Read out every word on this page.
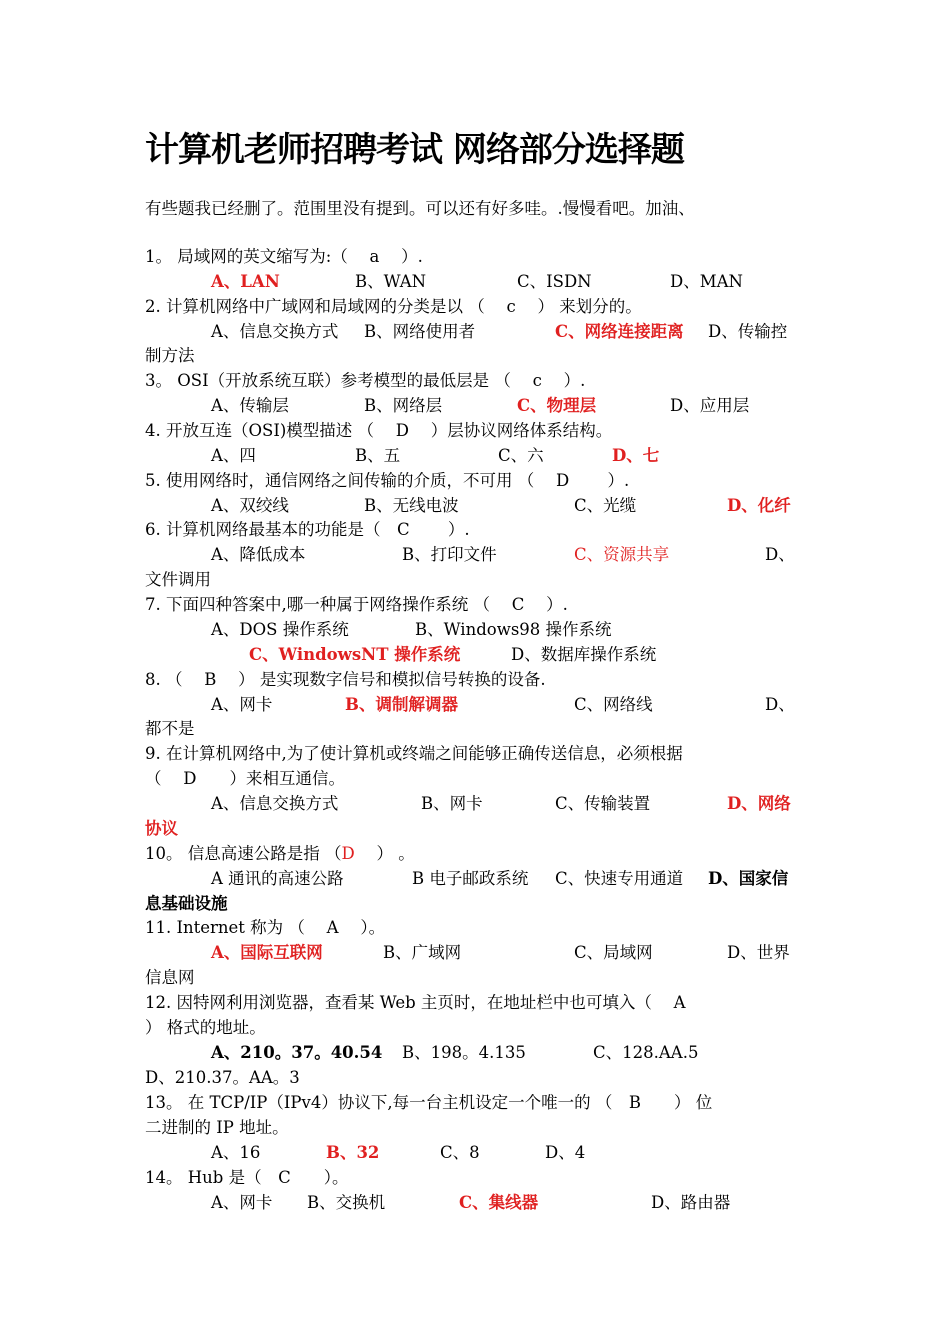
计算机老师招聘考试 网络部分选择题
有些题我已经删了。范围里没有提到。可以还有好多哇。.慢慢看吧。加油、
1。 局域网的英文缩写为:（　 a　 ）.
A、LAN	B、WAN	C、ISDN	D、MAN
2. 计算机网络中广域网和局域网的分类是以 （　 c　 ） 来划分的。
A、信息交换方式 B、网络使用者	C、网络连接距离 D、传输控
制方法
3。 OSI（开放系统互联）参考模型的最低层是 （　 c　 ）.
A、传输层	B、网络层	C、物理层	D、应用层
4. 开放互连（OSI)模型描述 （　 D　 ）层协议网络体系结构。
A、四	B、五	C、六	D、七
5. 使用网络时，通信网络之间传输的介质，不可用 （　 D　　 ）.
A、双绞线	B、无线电波	C、光缆	D、化纤
6. 计算机网络最基本的功能是（　C　　 ）.
A、降低成本	B、打印文件	C、资源共享	D、
文件调用
7. 下面四种答案中,哪一种属于网络操作系统 （　 C　 ）.
A、DOS 操作系统	B、Windows98 操作系统
C、WindowsNT 操作系统	D、数据库操作系统
8. （　 B　 ） 是实现数字信号和模拟信号转换的设备.
A、网卡	B、调制解调器	C、网络线	D、
都不是
9. 在计算机网络中,为了使计算机或终端之间能够正确传送信息，必须根据
（　 D　　）来相互通信。
A、信息交换方式	B、网卡	C、传输装置	D、网络
协议
10。 信息高速公路是指 （D　 ） 。
A 通讯的高速公路	B 电子邮政系统 C、快速专用通道 D、国家信
息基础设施
11. Internet 称为 （　 A　 ）。
A、国际互联网	B、广域网	C、局域网	D、世界
信息网
12. 因特网利用浏览器，查看某 Web 主页时，在地址栏中也可填入（　 A
） 格式的地址。
A、210。37。40.54 B、198。4.135	C、128.AA.5
D、210.37。AA。3
13。 在 TCP/IP（IPv4）协议下,每一台主机设定一个唯一的 （　B　　） 位
二进制的 IP 地址。
A、16	B、32	C、8	D、4
14。 Hub 是（　C　　）。
A、网卡 B、交换机	C、集线器	D、路由器
